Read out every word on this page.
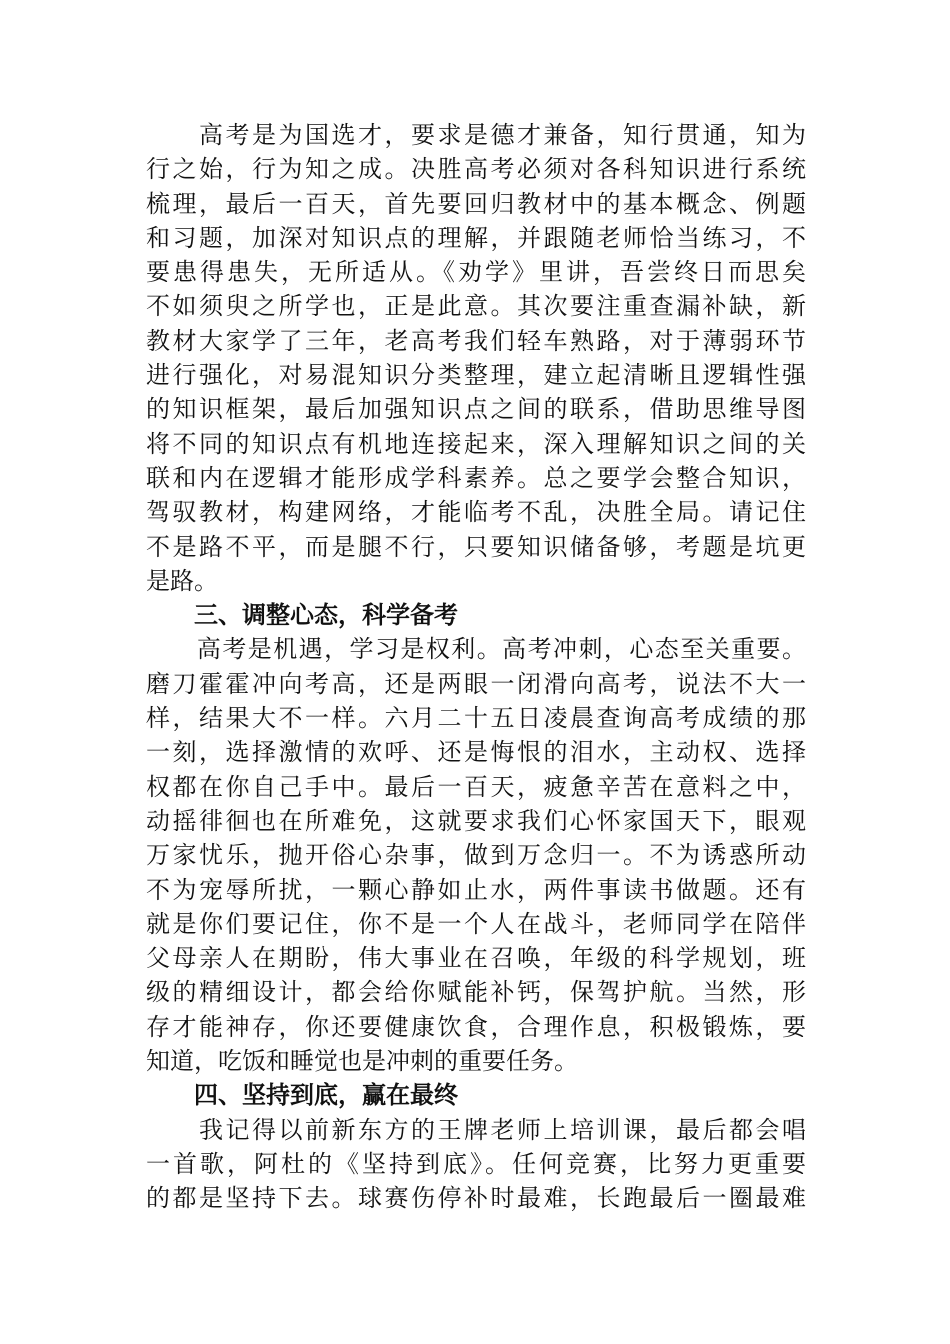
　　高考是为国选才，要求是德才兼备，知行贯通，知为
行之始，行为知之成。决胜高考必须对各科知识进行系统
梳理，最后一百天，首先要回归教材中的基本概念、例题
和习题，加深对知识点的理解，并跟随老师恰当练习，不
要患得患失，无所适从。《劝学》里讲，吾尝终日而思矣
不如须臾之所学也，正是此意。其次要注重查漏补缺，新
教材大家学了三年，老高考我们轻车熟路，对于薄弱环节
进行强化，对易混知识分类整理，建立起清晰且逻辑性强
的知识框架，最后加强知识点之间的联系，借助思维导图
将不同的知识点有机地连接起来，深入理解知识之间的关
联和内在逻辑才能形成学科素养。总之要学会整合知识，
驾驭教材，构建网络，才能临考不乱，决胜全局。请记住
不是路不平，而是腿不行，只要知识储备够，考题是坑更
是路。
三、调整心态，科学备考
　　高考是机遇，学习是权利。高考冲刺，心态至关重要。
磨刀霍霍冲向考高，还是两眼一闭滑向高考，说法不大一
样，结果大不一样。六月二十五日凌晨查询高考成绩的那
一刻，选择激情的欢呼、还是悔恨的泪水，主动权、选择
权都在你自己手中。最后一百天，疲惫辛苦在意料之中，
动摇徘徊也在所难免，这就要求我们心怀家国天下，眼观
万家忧乐，抛开俗心杂事，做到万念归一。不为诱惑所动
不为宠辱所扰，一颗心静如止水，两件事读书做题。还有
就是你们要记住，你不是一个人在战斗，老师同学在陪伴
父母亲人在期盼，伟大事业在召唤，年级的科学规划，班
级的精细设计，都会给你赋能补钙，保驾护航。当然，形
存才能神存，你还要健康饮食，合理作息，积极锻炼，要
知道，吃饭和睡觉也是冲刺的重要任务。
四、坚持到底，赢在最终
　　我记得以前新东方的王牌老师上培训课，最后都会唱
一首歌，阿杜的《坚持到底》。任何竞赛，比努力更重要
的都是坚持下去。球赛伤停补时最难，长跑最后一圈最难
